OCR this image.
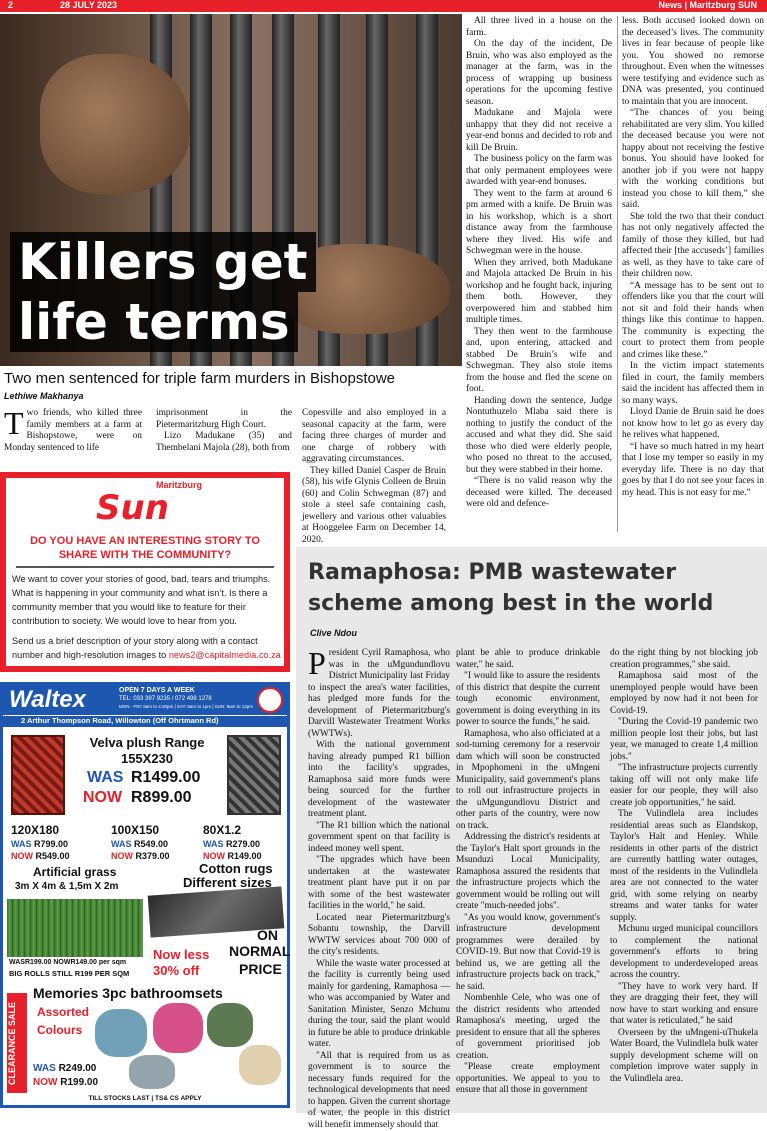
2	28 JULY 2023	News | Maritzburg SUN
Killers get
life terms
Two men sentenced for triple farm murders in Bishopstowe
Lethiwe Makhanya

Two friends, who killed three family members at a farm at Bishopstowe, were on Monday sentenced to life

imprisonment in the Pietermaritzburg High Court.

Lizo Madukane (35) and Thembelani Majola (28), both from

Copesville and also employed in a seasonal capacity at the farm, were facing three charges of murder and one charge of robbery with aggravating circumstances.

They killed Daniel Casper de Bruin (58), his wife Glynis Colleen de Bruin (60) and Colin Schwegman (87) and stole a steel safe containing cash, jewellery and various other valuables at Hooggelee Farm on December 14, 2020.

All three lived in a house on the farm.

On the day of the incident, De Bruin, who was also employed as the manager at the farm, was in the process of wrapping up business operations for the upcoming festive season.

Madukane and Majola were unhappy that they did not receive a year-end bonus and decided to rob and kill De Bruin.

The business policy on the farm was that only permanent employees were awarded with year-end bonuses.

They went to the farm at around 6 pm armed with a knife. De Bruin was in his workshop, which is a short distance away from the farmhouse where they lived. His wife and Schwegman were in the house.

When they arrived, both Madukane and Majola attacked De Bruin in his workshop and he fought back, injuring them both. However, they overpowered him and stabbed him multiple times.

They then went to the farmhouse and, upon entering, attacked and stabbed De Bruin’s wife and Schwegman. They also stole items from the house and fled the scene on foot.

Handing down the sentence, Judge Nontuthuzelo Mlaba said there is nothing to justify the conduct of the accused and what they did. She said those who died were elderly people, who posed no threat to the accused, but they were stabbed in their home.

“There is no valid reason why the deceased were killed. The deceased were old and defence-

less. Both accused looked down on the deceased’s lives. The community lives in fear because of people like you. You showed no remorse throughout. Even when the witnesses were testifying and evidence such as DNA was presented, you continued to maintain that you are innocent.

“The chances of you being rehabilitated are very slim. You killed the deceased because you were not happy about not receiving the festive bonus. You should have looked for another job if you were not happy with the working conditions but instead you chose to kill them,” she said.

She told the two that their conduct has not only negatively affected the family of those they killed, but had affected their [the accuseds’] families as well, as they have to take care of their children now.

“A message has to be sent out to offenders like you that the court will not sit and fold their hands when things like this continue to happen. The community is expecting the court to protect them from people and crimes like these.”

In the victim impact statements filed in court, the family members said the incident has affected them in so many ways.

Lloyd Danie de Bruin said he does not know how to let go as every day he relives what happened.

“I have so much hatred in my heart that I lose my temper so easily in my everyday life. There is no day that goes by that I do not see your faces in my head. This is not easy for me.”

Maritzburg
Sun
DO YOU HAVE AN INTERESTING STORY TO SHARE WITH THE COMMUNITY?

We want to cover your stories of good, bad, tears and triumphs. What is happening in your community and what isn’t. Is there a community member that you would like to feature for their contribution to society. We would love to hear from you.

Send us a brief description of your story along with a contact number and high-resolution images to news2@capitalmedia.co.za

Waltex	OPEN 7 DAYS A WEEK
TEL: 033 397 9235 / 072 498 1278
MON - FRI: 8am to 4:30pm | SAT: 8am to 1pm | SUN: 9am to 12pm
2 Arthur Thompson Road, Willowton (Off Ohrtmann Rd)
Velva plush Range
155X230
WAS R1499.00
NOW R899.00
120X180
WAS R799.00
NOW R549.00
100X150
WAS R549.00
NOW R379.00
80X1.2
WAS R279.00
NOW R149.00
Artificial grass
3m X 4m & 1,5m X 2m
WASR199.00 NOWR149.00 per sqm
BIG ROLLS STILL R199 PER SQM
Cotton rugs
Different sizes
ON
Now less NORMAL
30% off	PRICE
CLEARANCE SALE
Memories 3pc bathroomsets
Assorted
Colours
WAS R249.00
NOW R199.00
TILL STOCKS LAST | TS& CS APPLY
Ramaphosa: PMB wastewater
scheme among best in the world
Clive Ndou

President Cyril Ramaphosa, who was in the uMgundundlovu District Municipality last Friday to inspect the area's water facilities, has pledged more funds for the development of Pietermaritzburg's Darvill Wastewater Treatment Works (WWTWs).

With the national government having already pumped R1 billion into the facility's upgrades, Ramaphosa said more funds were being sourced for the further development of the wastewater treatment plant.

"The R1 billion which the national government spent on that facility is indeed money well spent.

"The upgrades which have been undertaken at the wastewater treatment plant have put it on par with some of the best wastewater facilities in the world," he said.

Located near Pietermaritzburg's Sobantu township, the Darvill WWTW services about 700 000 of the city's residents.

While the waste water processed at the facility is currently being used mainly for gardening, Ramaphosa — who was accompanied by Water and Sanitation Minister, Senzo Mchunu during the tour, said the plant would in future be able to produce drinkable water.

"All that is required from us as government is to source the necessary funds required for the technological developments that need to happen. Given the current shortage of water, the people in this district will benefit immensely should that

plant be able to produce drinkable water," he said.

"I would like to assure the residents of this district that despite the current tough economic environment, government is doing everything in its power to source the funds," he said.

Ramaphosa, who also officiated at a sod-turning ceremony for a reservoir dam which will soon be constructed in Mpophomeni in the uMngeni Municipality, said government's plans to roll out infrastructure projects in the uMgungundlovu District and other parts of the country, were now on track.

Addressing the district's residents at the Taylor's Halt sport grounds in the Msunduzi Local Municipality, Ramaphosa assured the residents that the infrastructure projects which the government would be rolling out will create "much-needed jobs".

"As you would know, government's infrastructure development programmes were derailed by COVID-19. But now that Covid-19 is behind us, we are getting all the infrastructure projects back on track," he said.

Nombenhle Cele, who was one of the district residents who attended Ramaphosa's meeting, urged the president to ensure that all the spheres of government prioritised job creation.

"Please create employment opportunities. We appeal to you to ensure that all those in government

do the right thing by not blocking job creation programmes," she said.

Ramaphosa said most of the unemployed people would have been employed by now had it not been for Covid-19.

"During the Covid-19 pandemic two million people lost their jobs, but last year, we managed to create 1,4 million jobs."

"The infrastructure projects currently taking off will not only make life easier for our people, they will also create job opportunities," he said.

The Vulindlela area includes residential areas such as Elandskop, Taylor's Halt and Henley. While residents in other parts of the district are currently battling water outages, most of the residents in the Vulindlela area are not connected to the water grid, with some relying on nearby streams and water tanks for water supply.

Mchunu urged municipal councillors to complement the national government's efforts to bring development to underdeveloped areas across the country.

"They have to work very hard. If they are dragging their feet, they will now have to start working and ensure that water is reticulated," he said

Overseen by the uMngeni-uThukela Water Board, the Vulindlela bulk water supply development scheme will on completion improve water supply in the Vulindlela area.
